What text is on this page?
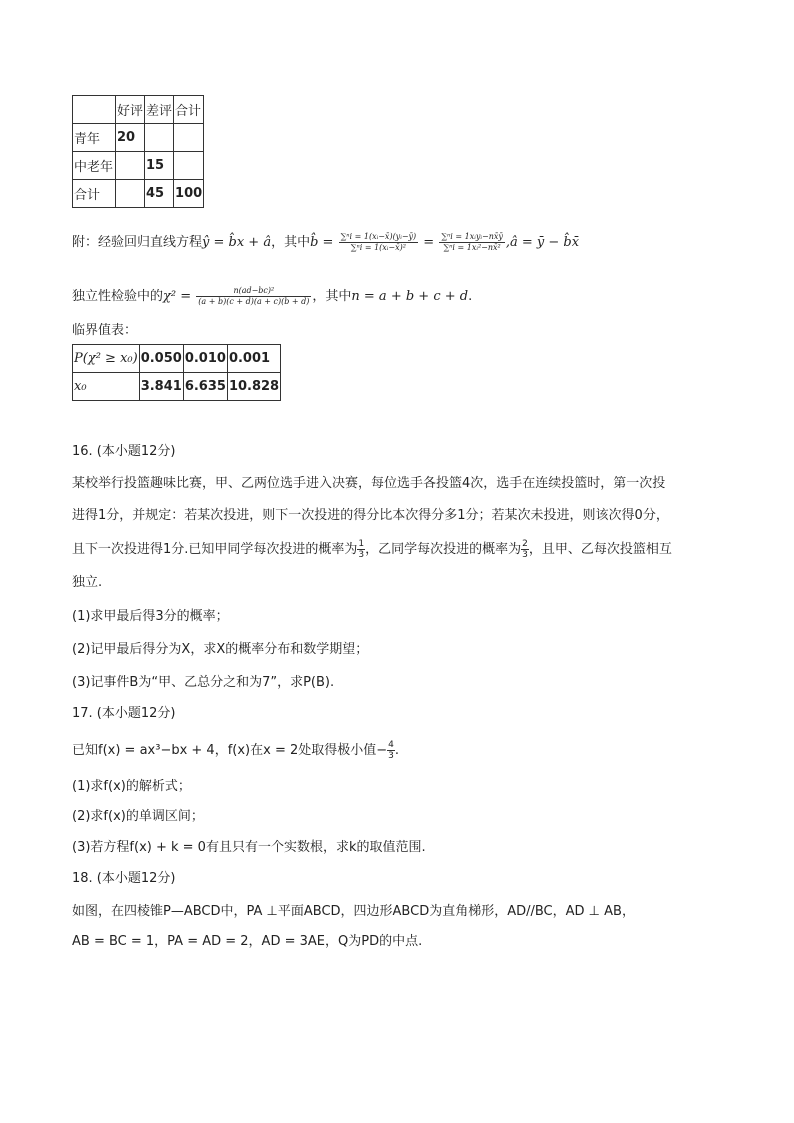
	好评	差评	合计
青年	20		
中老年		15	
合计		45	100
附：经验回归直线方程ŷ = b̂x + â，其中b̂ = $\frac{\text{∑ⁿi = 1(xᵢ−x̄)(yᵢ−ȳ)}}{\text{∑ⁿi = 1(xᵢ−x̄)²}} = \frac{\text{∑ⁿi = 1xᵢyᵢ−nx̄ȳ}}{\text{∑ⁿi = 1xᵢ²−nx̄²}}$ ,â = ȳ − b̂x̄
独立性检验中的$\chi^2 = \frac{\text{n(ad−bc)²}}{(a + b)(c + d)(a + c)(b + d)}$ ，其中n = a + b + c + d.
临界值表：
P(χ² ≥ x₀)	0.050	0.010	0.001
x₀	3.841	6.635	10.828
16. (本小题12分)
某校举行投篮趣味比赛，甲、乙两位选手进入决赛，每位选手各投篮4次，选手在连续投篮时，第一次投
进得1分，并规定：若某次投进，则下一次投进的得分比本次得分多1分；若某次未投进，则该次得0分，
且下一次投进得1分.已知甲同学每次投进的概率为 $\frac{1}{3}$ ，乙同学每次投进的概率为 $\frac{2}{3}$ ，且甲、乙每次投篮相互
独立.
(1)求甲最后得3分的概率；
(2)记甲最后得分为X，求X的概率分布和数学期望；
(3)记事件B为“甲、乙总分之和为7”，求P(B).
17. (本小题12分)
已知f(x) = ax³−bx + 4，f(x)在x = 2处取得极小值− $\frac{4}{3}$ .
(1)求f(x)的解析式；
(2)求f(x)的单调区间；
(3)若方程f(x) + k = 0有且只有一个实数根，求k的取值范围.
18. (本小题12分)
如图，在四棱锥P—ABCD中，PA ⊥平面ABCD，四边形ABCD为直角梯形，AD//BC，AD ⊥ AB，
AB = BC = 1，PA = AD = 2，AD = 3AE，Q为PD的中点.
